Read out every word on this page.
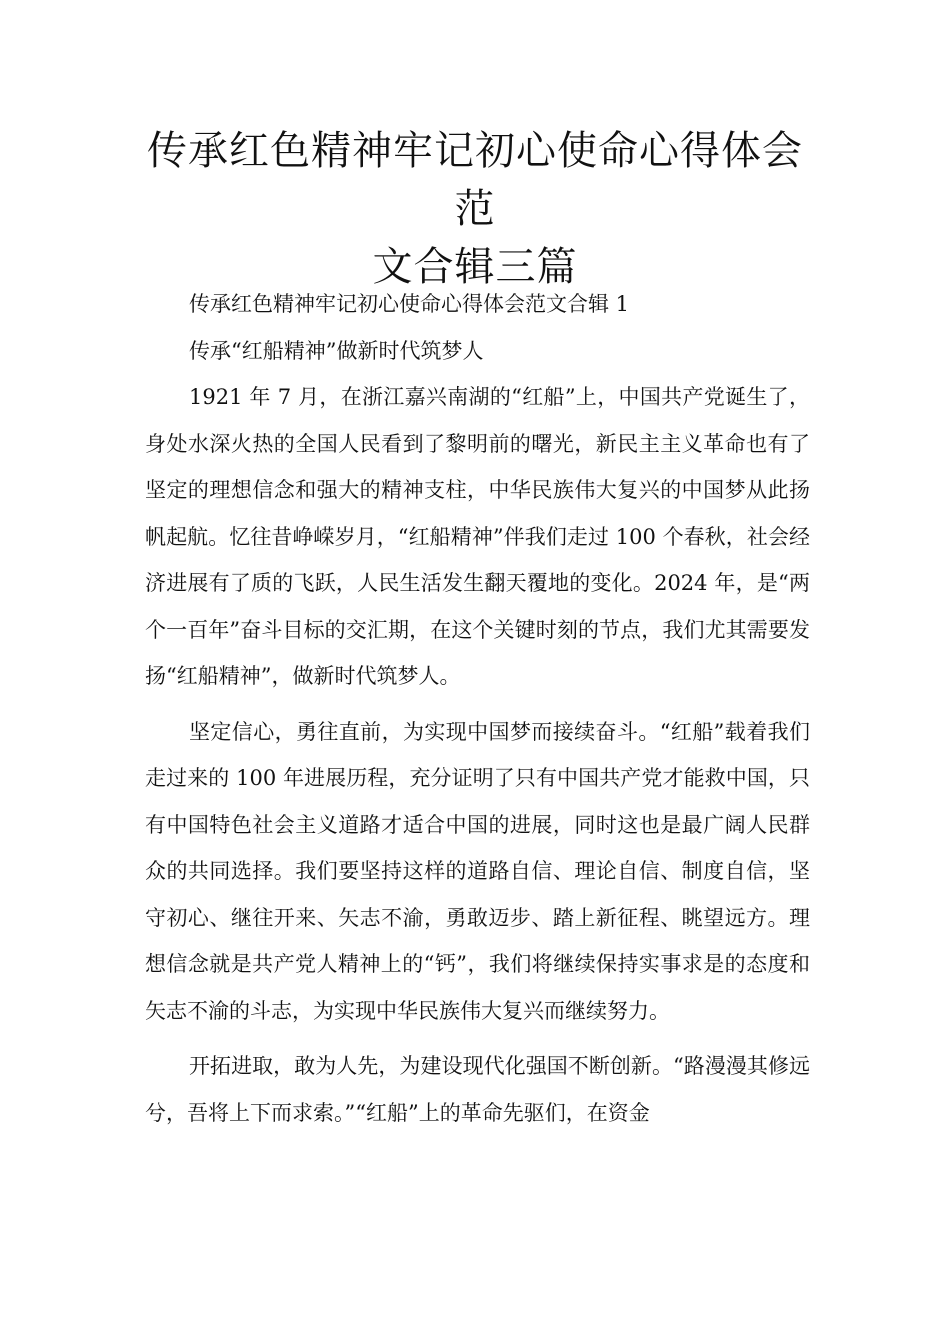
传承红色精神牢记初心使命心得体会范
文合辑三篇

传承红色精神牢记初心使命心得体会范文合辑 1

传承“红船精神”做新时代筑梦人

1921 年 7 月，在浙江嘉兴南湖的“红船”上，中国共产党诞生了，身处水深火热的全国人民看到了黎明前的曙光，新民主主义革命也有了坚定的理想信念和强大的精神支柱，中华民族伟大复兴的中国梦从此扬帆起航。忆往昔峥嵘岁月，“红船精神”伴我们走过 100 个春秋，社会经济进展有了质的飞跃，人民生活发生翻天覆地的变化。2024 年，是“两个一百年”奋斗目标的交汇期，在这个关键时刻的节点，我们尤其需要发扬“红船精神”，做新时代筑梦人。

坚定信心，勇往直前，为实现中国梦而接续奋斗。“红船”载着我们走过来的 100 年进展历程，充分证明了只有中国共产党才能救中国，只有中国特色社会主义道路才适合中国的进展，同时这也是最广阔人民群众的共同选择。我们要坚持这样的道路自信、理论自信、制度自信，坚守初心、继往开来、矢志不渝，勇敢迈步、踏上新征程、眺望远方。理想信念就是共产党人精神上的“钙”，我们将继续保持实事求是的态度和矢志不渝的斗志，为实现中华民族伟大复兴而继续努力。

开拓进取，敢为人先，为建设现代化强国不断创新。“路漫漫其修远兮，吾将上下而求索。”“红船”上的革命先驱们，在资金
